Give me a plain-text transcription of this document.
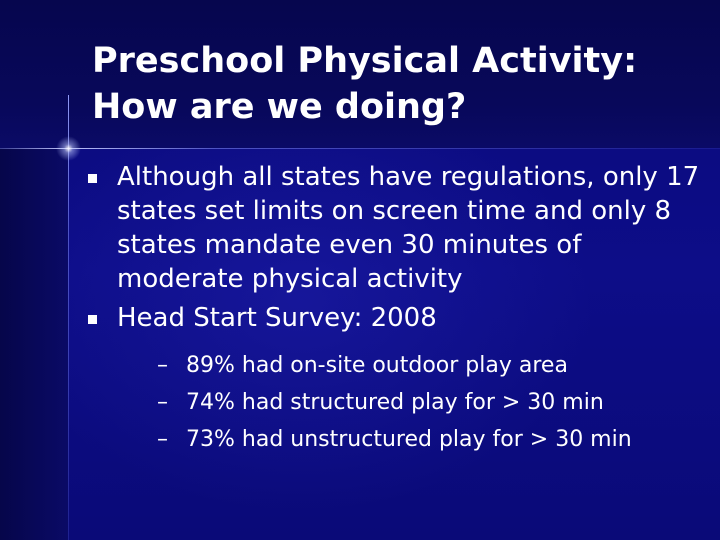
Preschool Physical Activity:
How are we doing?
Although all states have regulations, only 17 states set limits on screen time and only 8 states mandate even 30 minutes of moderate physical activity
Head Start Survey: 2008
– 89% had on-site outdoor play area
– 74% had structured play for > 30 min
– 73% had unstructured play for > 30 min
